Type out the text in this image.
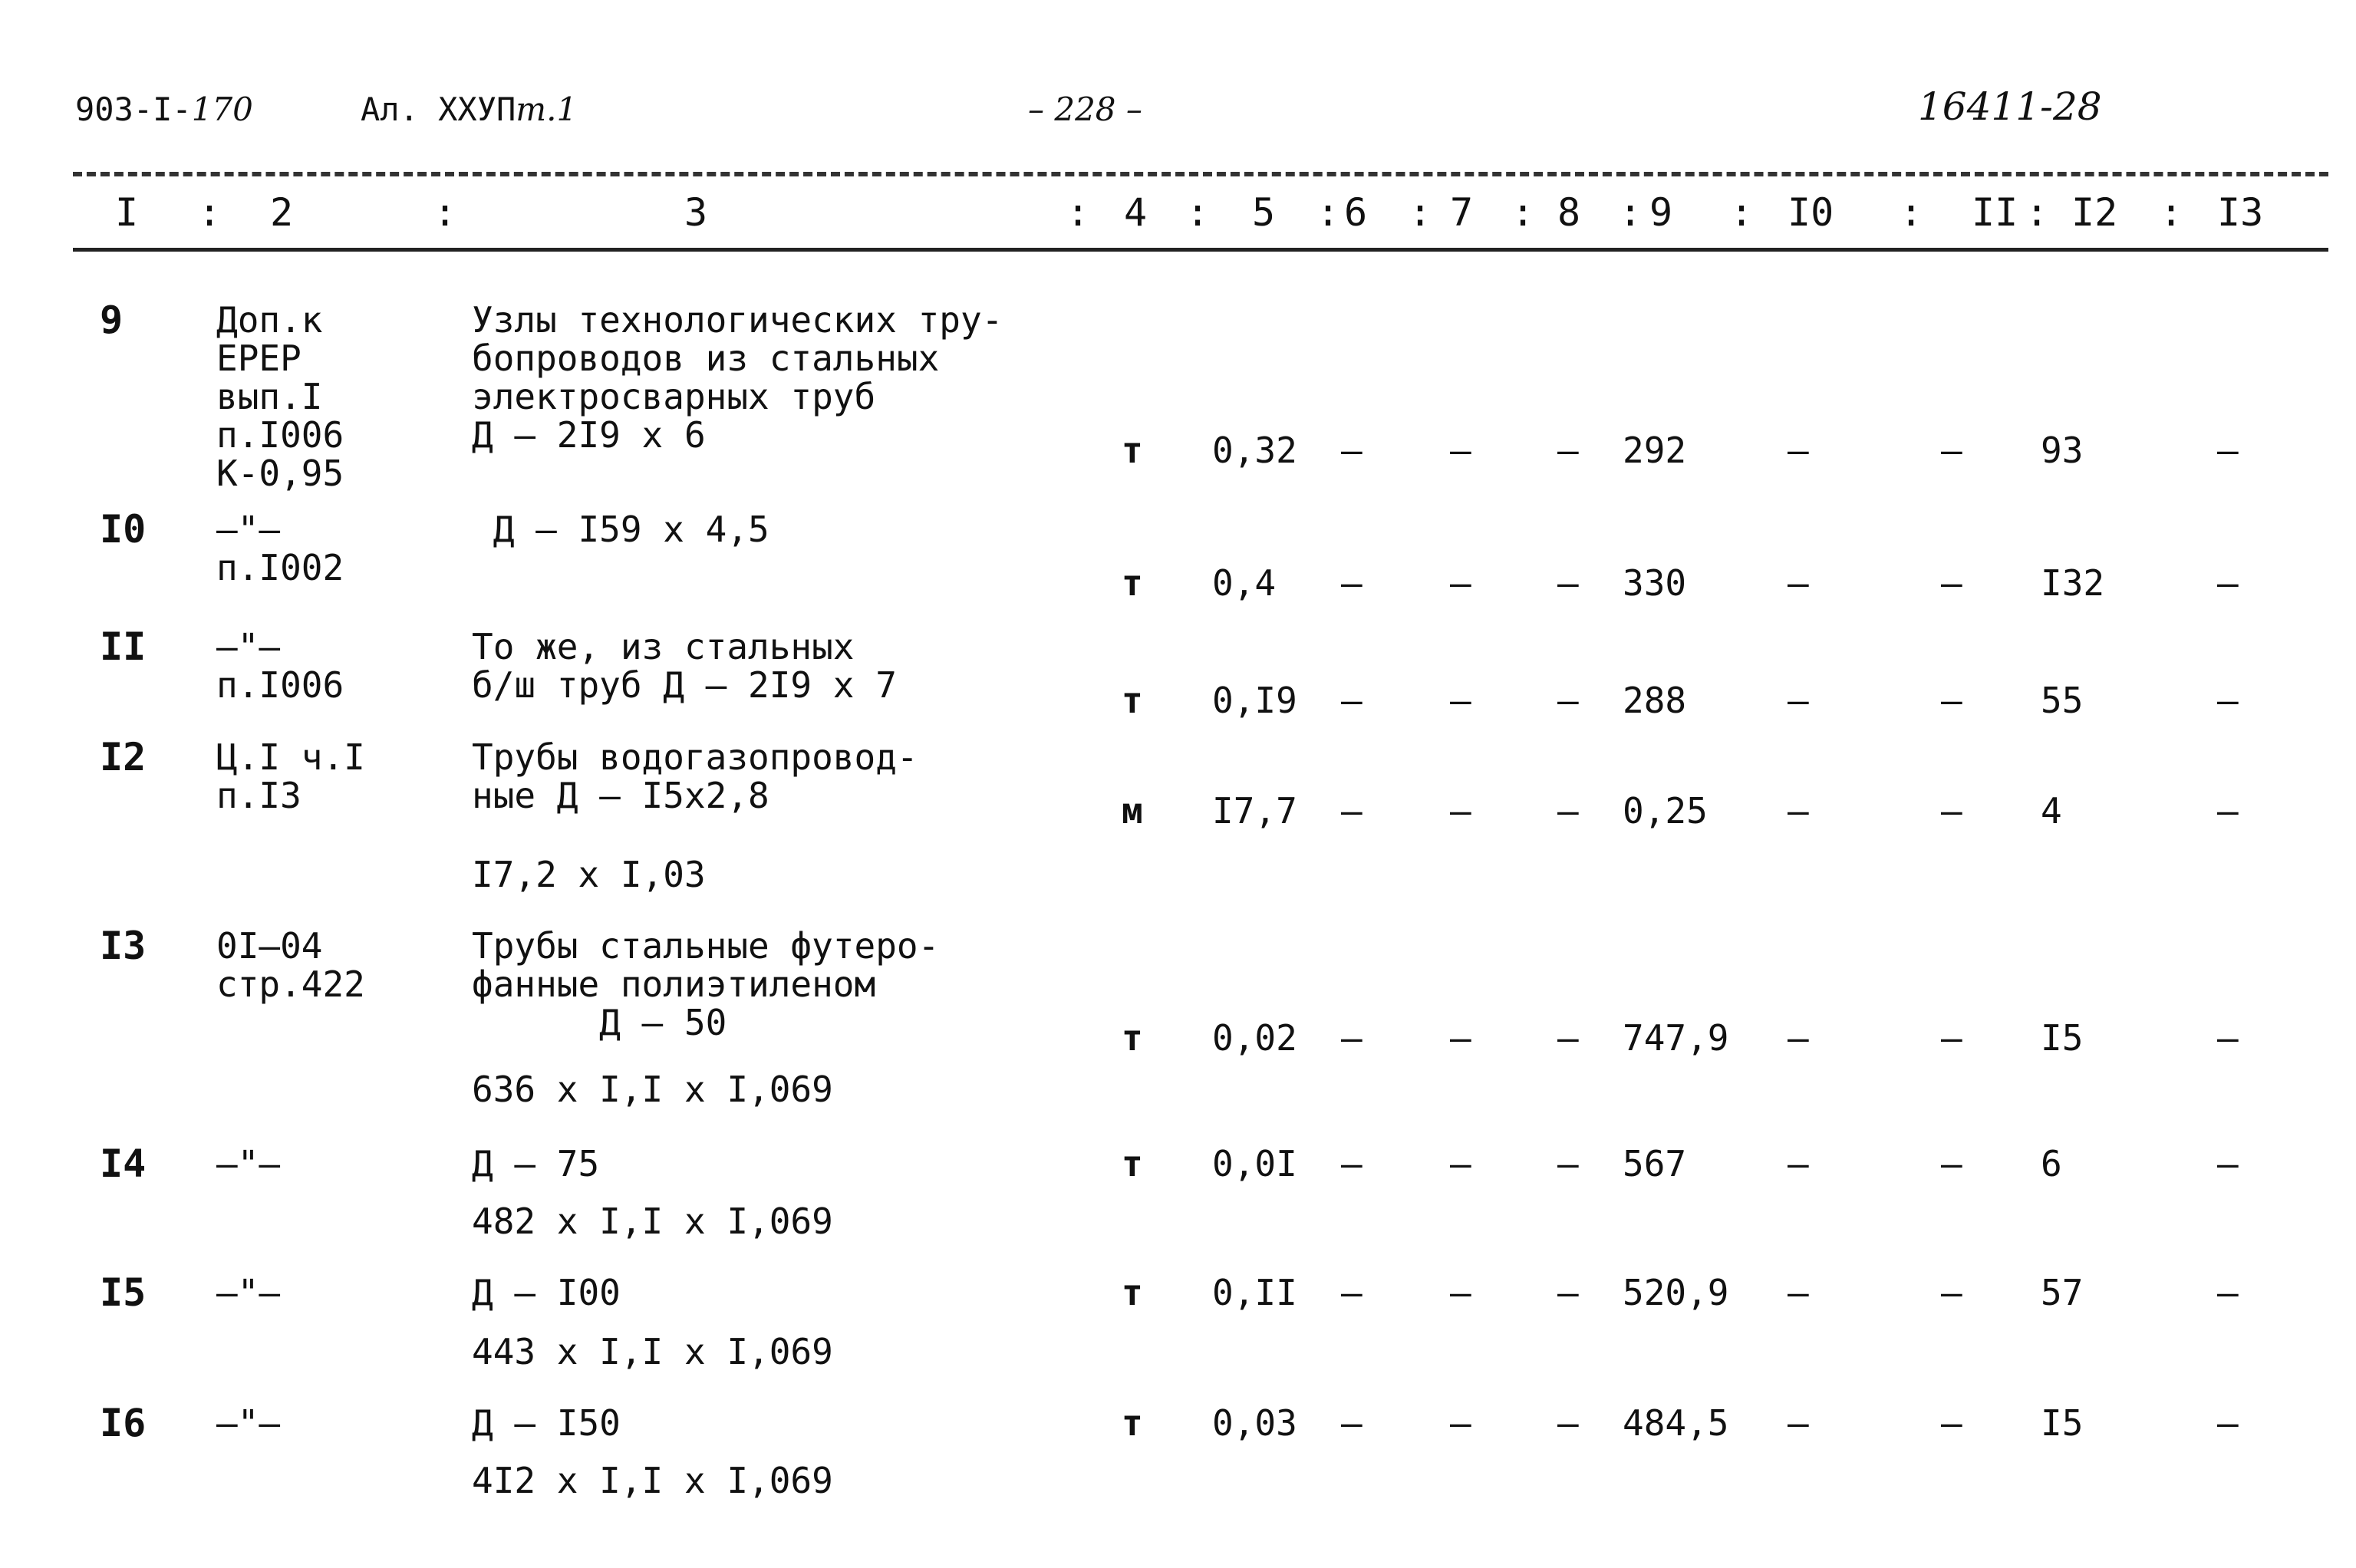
903-I-170	Ал. ХХУПт.1	– 228 –	16411-28
I	2	3	4	5 6 7 8 9	I0	II I2	I3
:	:	:	:	: : : : :	:	:	:
9	Доп.к
ЕРЕР
вып.I
п.I006
К-0,95
Узлы технологических тру-
бопроводов из стальных
электросварных труб
Д – 2I9 х 6	т 0,32 – – – 292	–	– 93	–
I0 –"–
п.I002
Д – I59 х 4,5
т 0,4 – – – 330	–	– I32	–
II –"–
п.I006
То же, из стальных
б/ш труб Д – 2I9 х 7	т 0,I9 – – – 288	–	– 55	–
I2 Ц.I ч.I
п.I3
Трубы водогазопровод-
ные Д – I5х2,8
I7,2 х I,03
м I7,7 – – – 0,25 –	– 4	–
I3 0I–04
стр.422
Трубы стальные футеро-
фанные полиэтиленом
Д – 50
636 х I,I х I,069
т 0,02 – – – 747,9 –	– I5	–
I4 –"–	Д – 75
482 х I,I х I,069
т 0,0I – – – 567	–	– 6	–
I5 –"–	Д – I00
443 х I,I х I,069
т 0,II – – – 520,9 –	– 57	–
I6 –"–	Д – I50
4I2 х I,I х I,069
т 0,03 – – – 484,5 –	– I5	–
